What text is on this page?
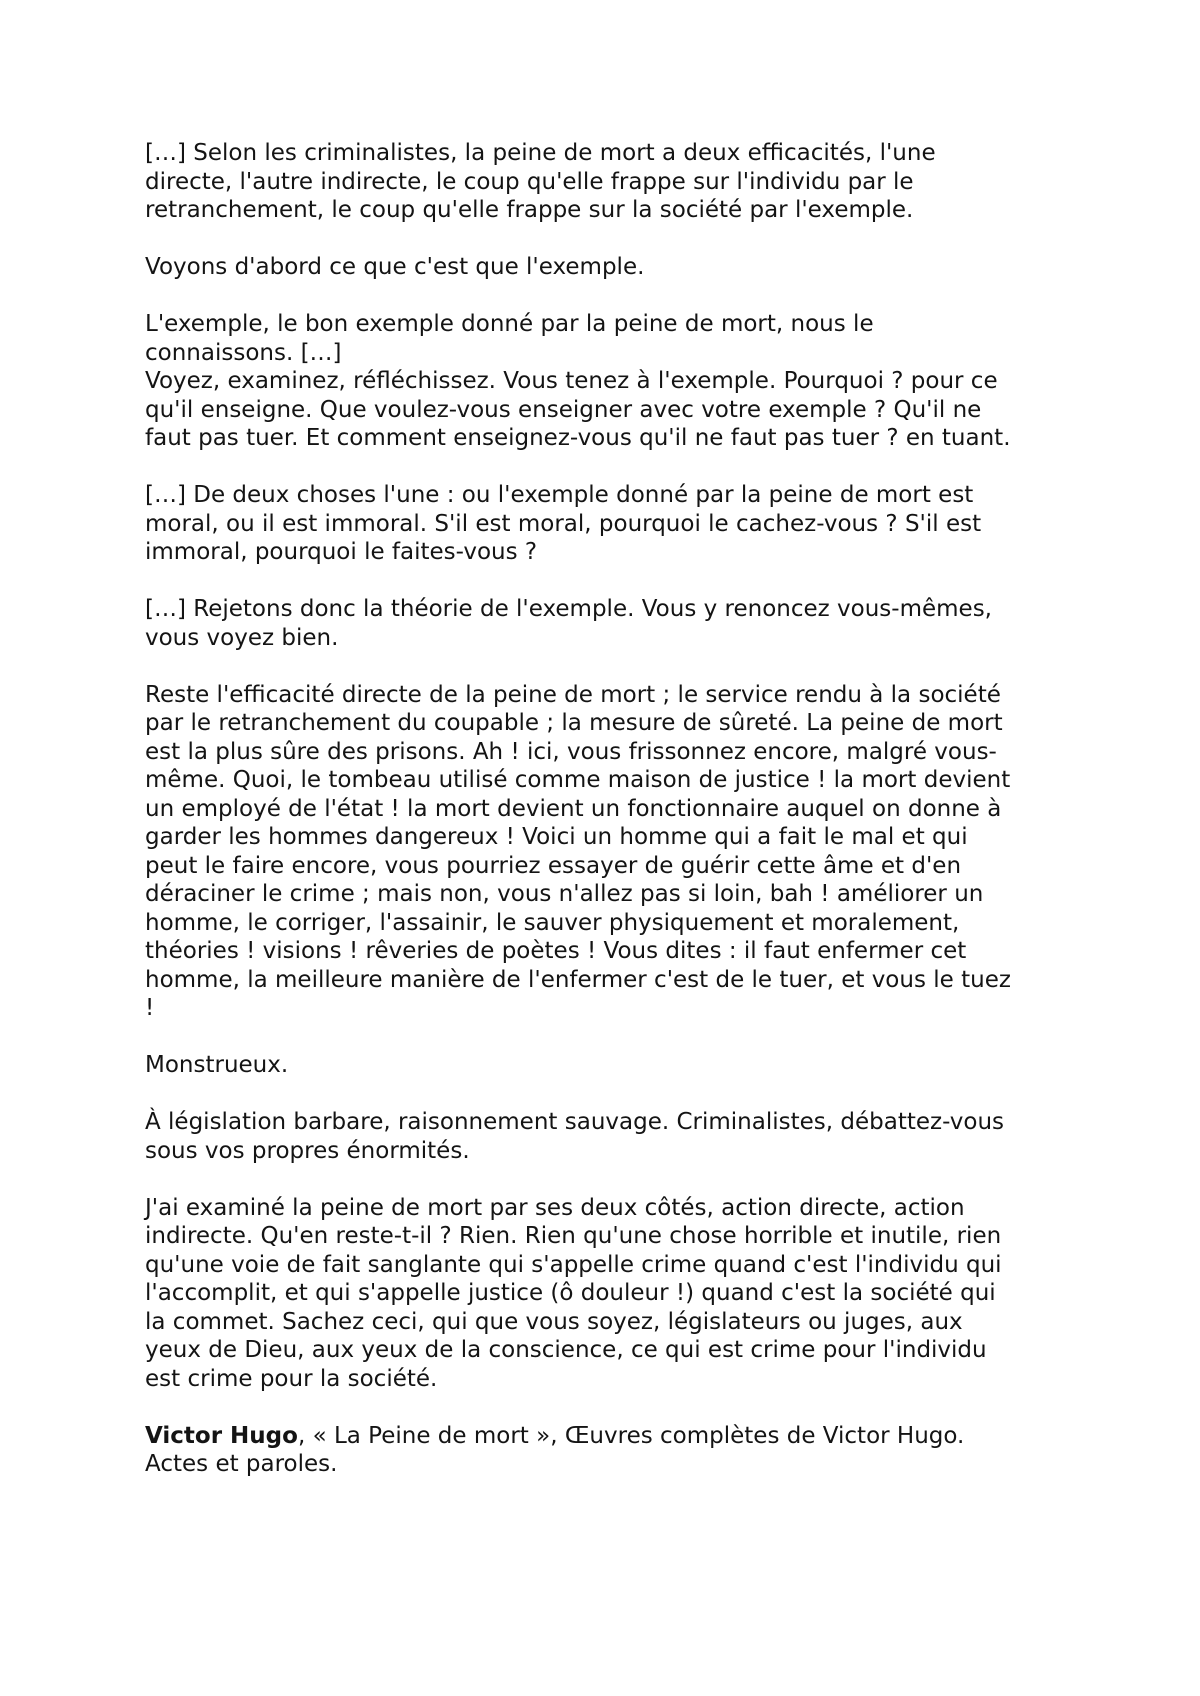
[…] Selon les criminalistes, la peine de mort a deux efficacités, l'une
directe, l'autre indirecte, le coup qu'elle frappe sur l'individu par le
retranchement, le coup qu'elle frappe sur la société par l'exemple.
Voyons d'abord ce que c'est que l'exemple.
L'exemple, le bon exemple donné par la peine de mort, nous le
connaissons. […]
Voyez, examinez, réfléchissez. Vous tenez à l'exemple. Pourquoi ? pour ce
qu'il enseigne. Que voulez-vous enseigner avec votre exemple ? Qu'il ne
faut pas tuer. Et comment enseignez-vous qu'il ne faut pas tuer ? en tuant.
[…] De deux choses l'une : ou l'exemple donné par la peine de mort est
moral, ou il est immoral. S'il est moral, pourquoi le cachez-vous ? S'il est
immoral, pourquoi le faites-vous ?
[…] Rejetons donc la théorie de l'exemple. Vous y renoncez vous-mêmes,
vous voyez bien.
Reste l'efficacité directe de la peine de mort ; le service rendu à la société
par le retranchement du coupable ; la mesure de sûreté. La peine de mort
est la plus sûre des prisons. Ah ! ici, vous frissonnez encore, malgré vous-
même. Quoi, le tombeau utilisé comme maison de justice ! la mort devient
un employé de l'état ! la mort devient un fonctionnaire auquel on donne à
garder les hommes dangereux ! Voici un homme qui a fait le mal et qui
peut le faire encore, vous pourriez essayer de guérir cette âme et d'en
déraciner le crime ; mais non, vous n'allez pas si loin, bah ! améliorer un
homme, le corriger, l'assainir, le sauver physiquement et moralement,
théories ! visions ! rêveries de poètes ! Vous dites : il faut enfermer cet
homme, la meilleure manière de l'enfermer c'est de le tuer, et vous le tuez
!
Monstrueux.
À législation barbare, raisonnement sauvage. Criminalistes, débattez-vous
sous vos propres énormités.
J'ai examiné la peine de mort par ses deux côtés, action directe, action
indirecte. Qu'en reste-t-il ? Rien. Rien qu'une chose horrible et inutile, rien
qu'une voie de fait sanglante qui s'appelle crime quand c'est l'individu qui
l'accomplit, et qui s'appelle justice (ô douleur !) quand c'est la société qui
la commet. Sachez ceci, qui que vous soyez, législateurs ou juges, aux
yeux de Dieu, aux yeux de la conscience, ce qui est crime pour l'individu
est crime pour la société.
Victor Hugo, « La Peine de mort », Œuvres complètes de Victor Hugo.
Actes et paroles.
